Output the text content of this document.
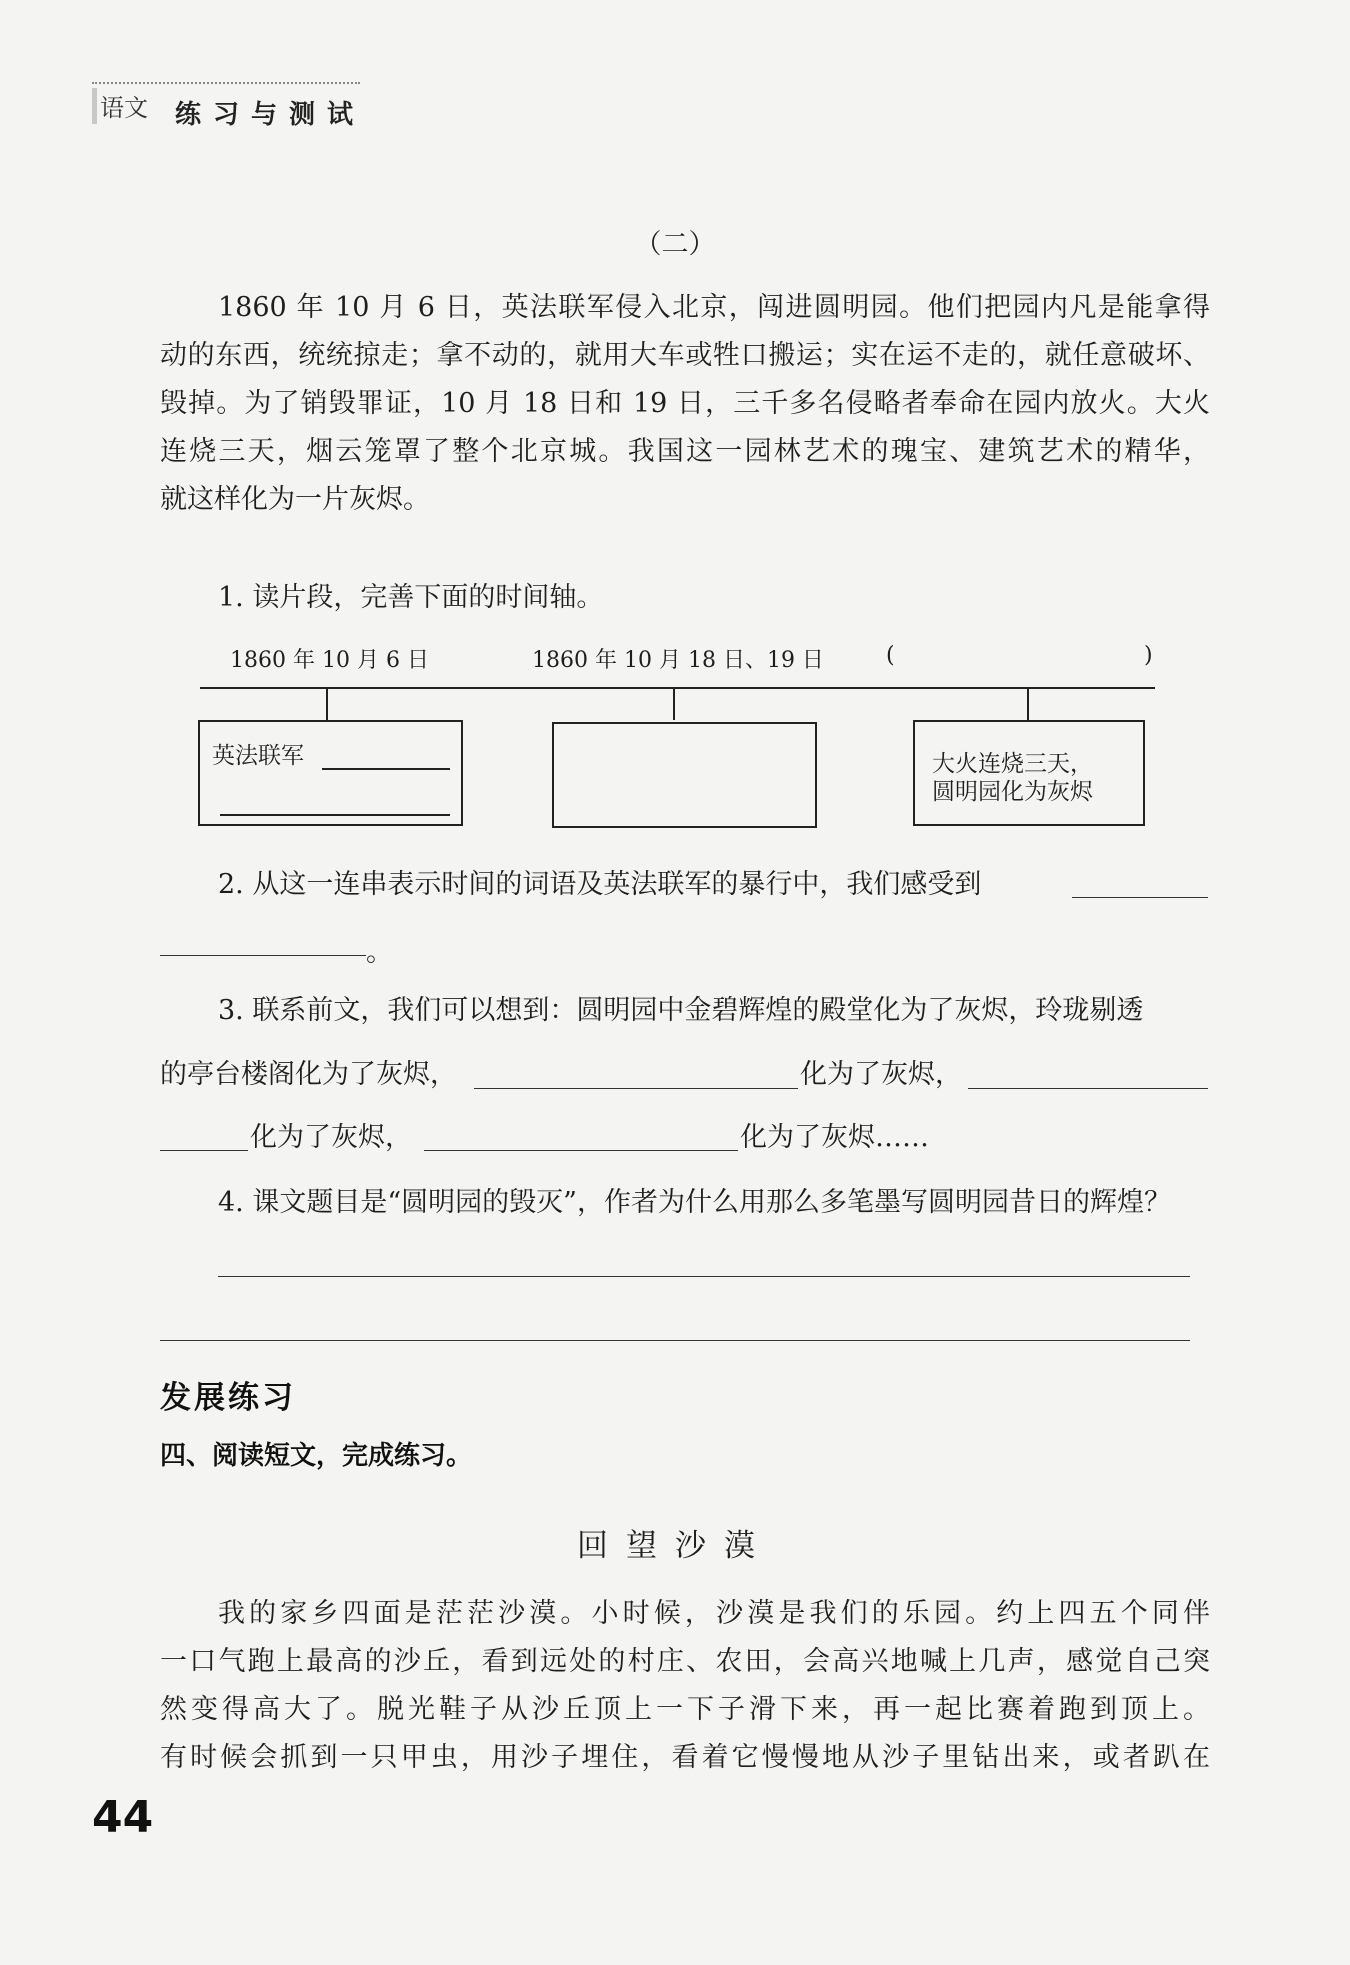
语文 练习与测试
（二）
1860 年 10 月 6 日，英法联军侵入北京，闯进圆明园。他们把园内凡是能拿得
动的东西，统统掠走；拿不动的，就用大车或牲口搬运；实在运不走的，就任意破坏、
毁掉。为了销毁罪证，10 月 18 日和 19 日，三千多名侵略者奉命在园内放火。大火
连烧三天，烟云笼罩了整个北京城。我国这一园林艺术的瑰宝、建筑艺术的精华，
就这样化为一片灰烬。
1. 读片段，完善下面的时间轴。
1860 年 10 月 6 日	1860 年 10 月 18 日、19 日	(	)
英法联军	大火连烧三天，
圆明园化为灰烬
2. 从这一连串表示时间的词语及英法联军的暴行中，我们感受到
。
3. 联系前文，我们可以想到：圆明园中金碧辉煌的殿堂化为了灰烬，玲珑剔透
的亭台楼阁化为了灰烬，	化为了灰烬，
化为了灰烬，	化为了灰烬……
4. 课文题目是“圆明园的毁灭”，作者为什么用那么多笔墨写圆明园昔日的辉煌？
发展练习
四、阅读短文，完成练习。
回望沙漠
我的家乡四面是茫茫沙漠。小时候，沙漠是我们的乐园。约上四五个同伴
一口气跑上最高的沙丘，看到远处的村庄、农田，会高兴地喊上几声，感觉自己突
然变得高大了。脱光鞋子从沙丘顶上一下子滑下来，再一起比赛着跑到顶上。
有时候会抓到一只甲虫，用沙子埋住，看着它慢慢地从沙子里钻出来，或者趴在
44
